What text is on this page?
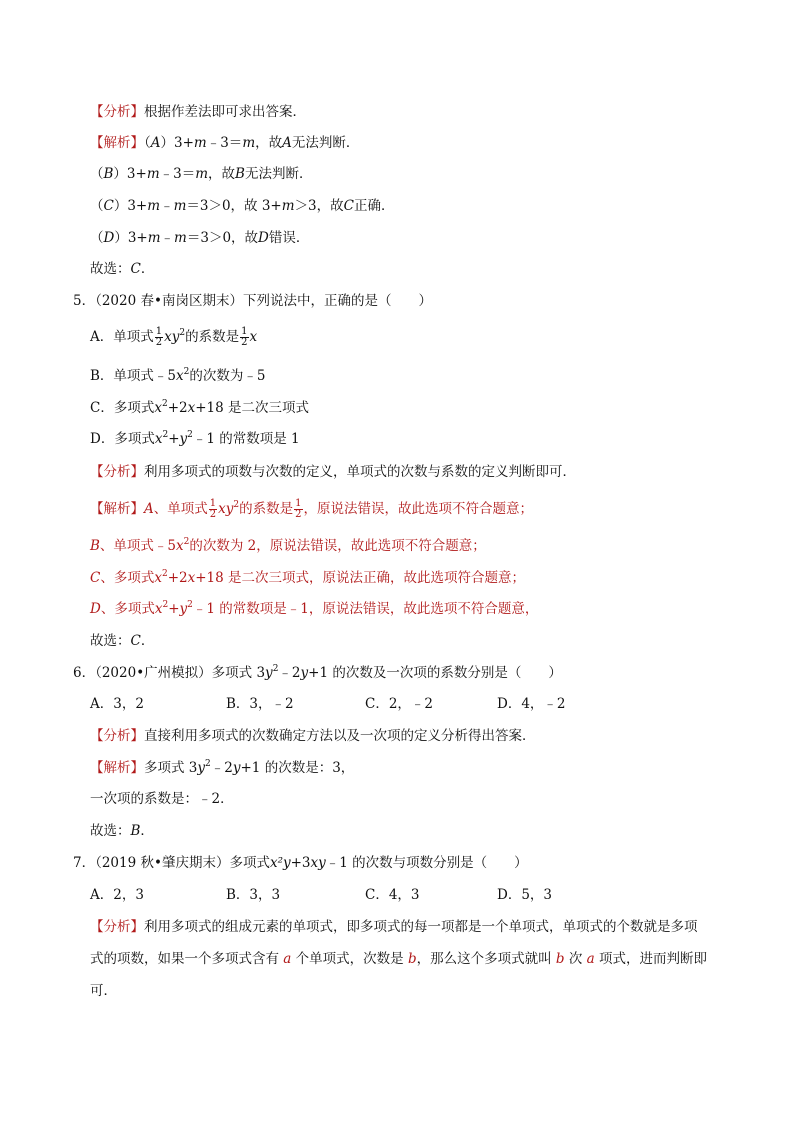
【分析】根据作差法即可求出答案．
【解析】（A）3+m﹣3＝m，故A无法判断．
（B）3+m﹣3＝m，故B无法判断．
（C）3+m﹣m＝3＞0，故 3+m＞3，故C正确．
（D）3+m﹣m＝3＞0，故D错误．
故选：C．
5．（2020 春•南岗区期末）下列说法中，正确的是（　　）
A．单项式 $\frac{1}{2} xy^2$的系数是 $\frac{1}{2}$ x
B．单项式$﹣5x^2$的次数为﹣5
C．多项式$x^2+2x+18$ 是二次三项式
D．多项式$x^2+y^2﹣1$ 的常数项是 1
【分析】利用多项式的项数与次数的定义，单项式的次数与系数的定义判断即可．
【解析】A、单项式 $\frac{1}{2} xy^2$的系数是 $\frac{1}{2}$ ，原说法错误，故此选项不符合题意；
B、单项式$﹣5x^2$的次数为 2，原说法错误，故此选项不符合题意；
C、多项式$x^2+2x+18$ 是二次三项式，原说法正确，故此选项符合题意；
D、多项式$x^2+y^2﹣1$ 的常数项是﹣1，原说法错误，故此选项不符合题意，
故选：C．
6．（2020•广州模拟）多项式 $3y^2﹣2y+1$ 的次数及一次项的系数分别是（　　）
A．3，2	B．3，﹣2	C．2，﹣2	D．4，﹣2
【分析】直接利用多项式的次数确定方法以及一次项的定义分析得出答案．
【解析】多项式 $3y^2﹣2y+1$ 的次数是：3，
一次项的系数是：﹣2．
故选：B．
7．（2019 秋•肇庆期末）多项式x²y+3xy﹣1 的次数与项数分别是（　　）
A．2，3	B．3，3	C．4，3	D．5，3
【分析】利用多项式的组成元素的单项式，即多项式的每一项都是一个单项式，单项式的个数就是多项
式的项数，如果一个多项式含有 a 个单项式，次数是 b，那么这个多项式就叫 b 次 a 项式，进而判断即
可．
